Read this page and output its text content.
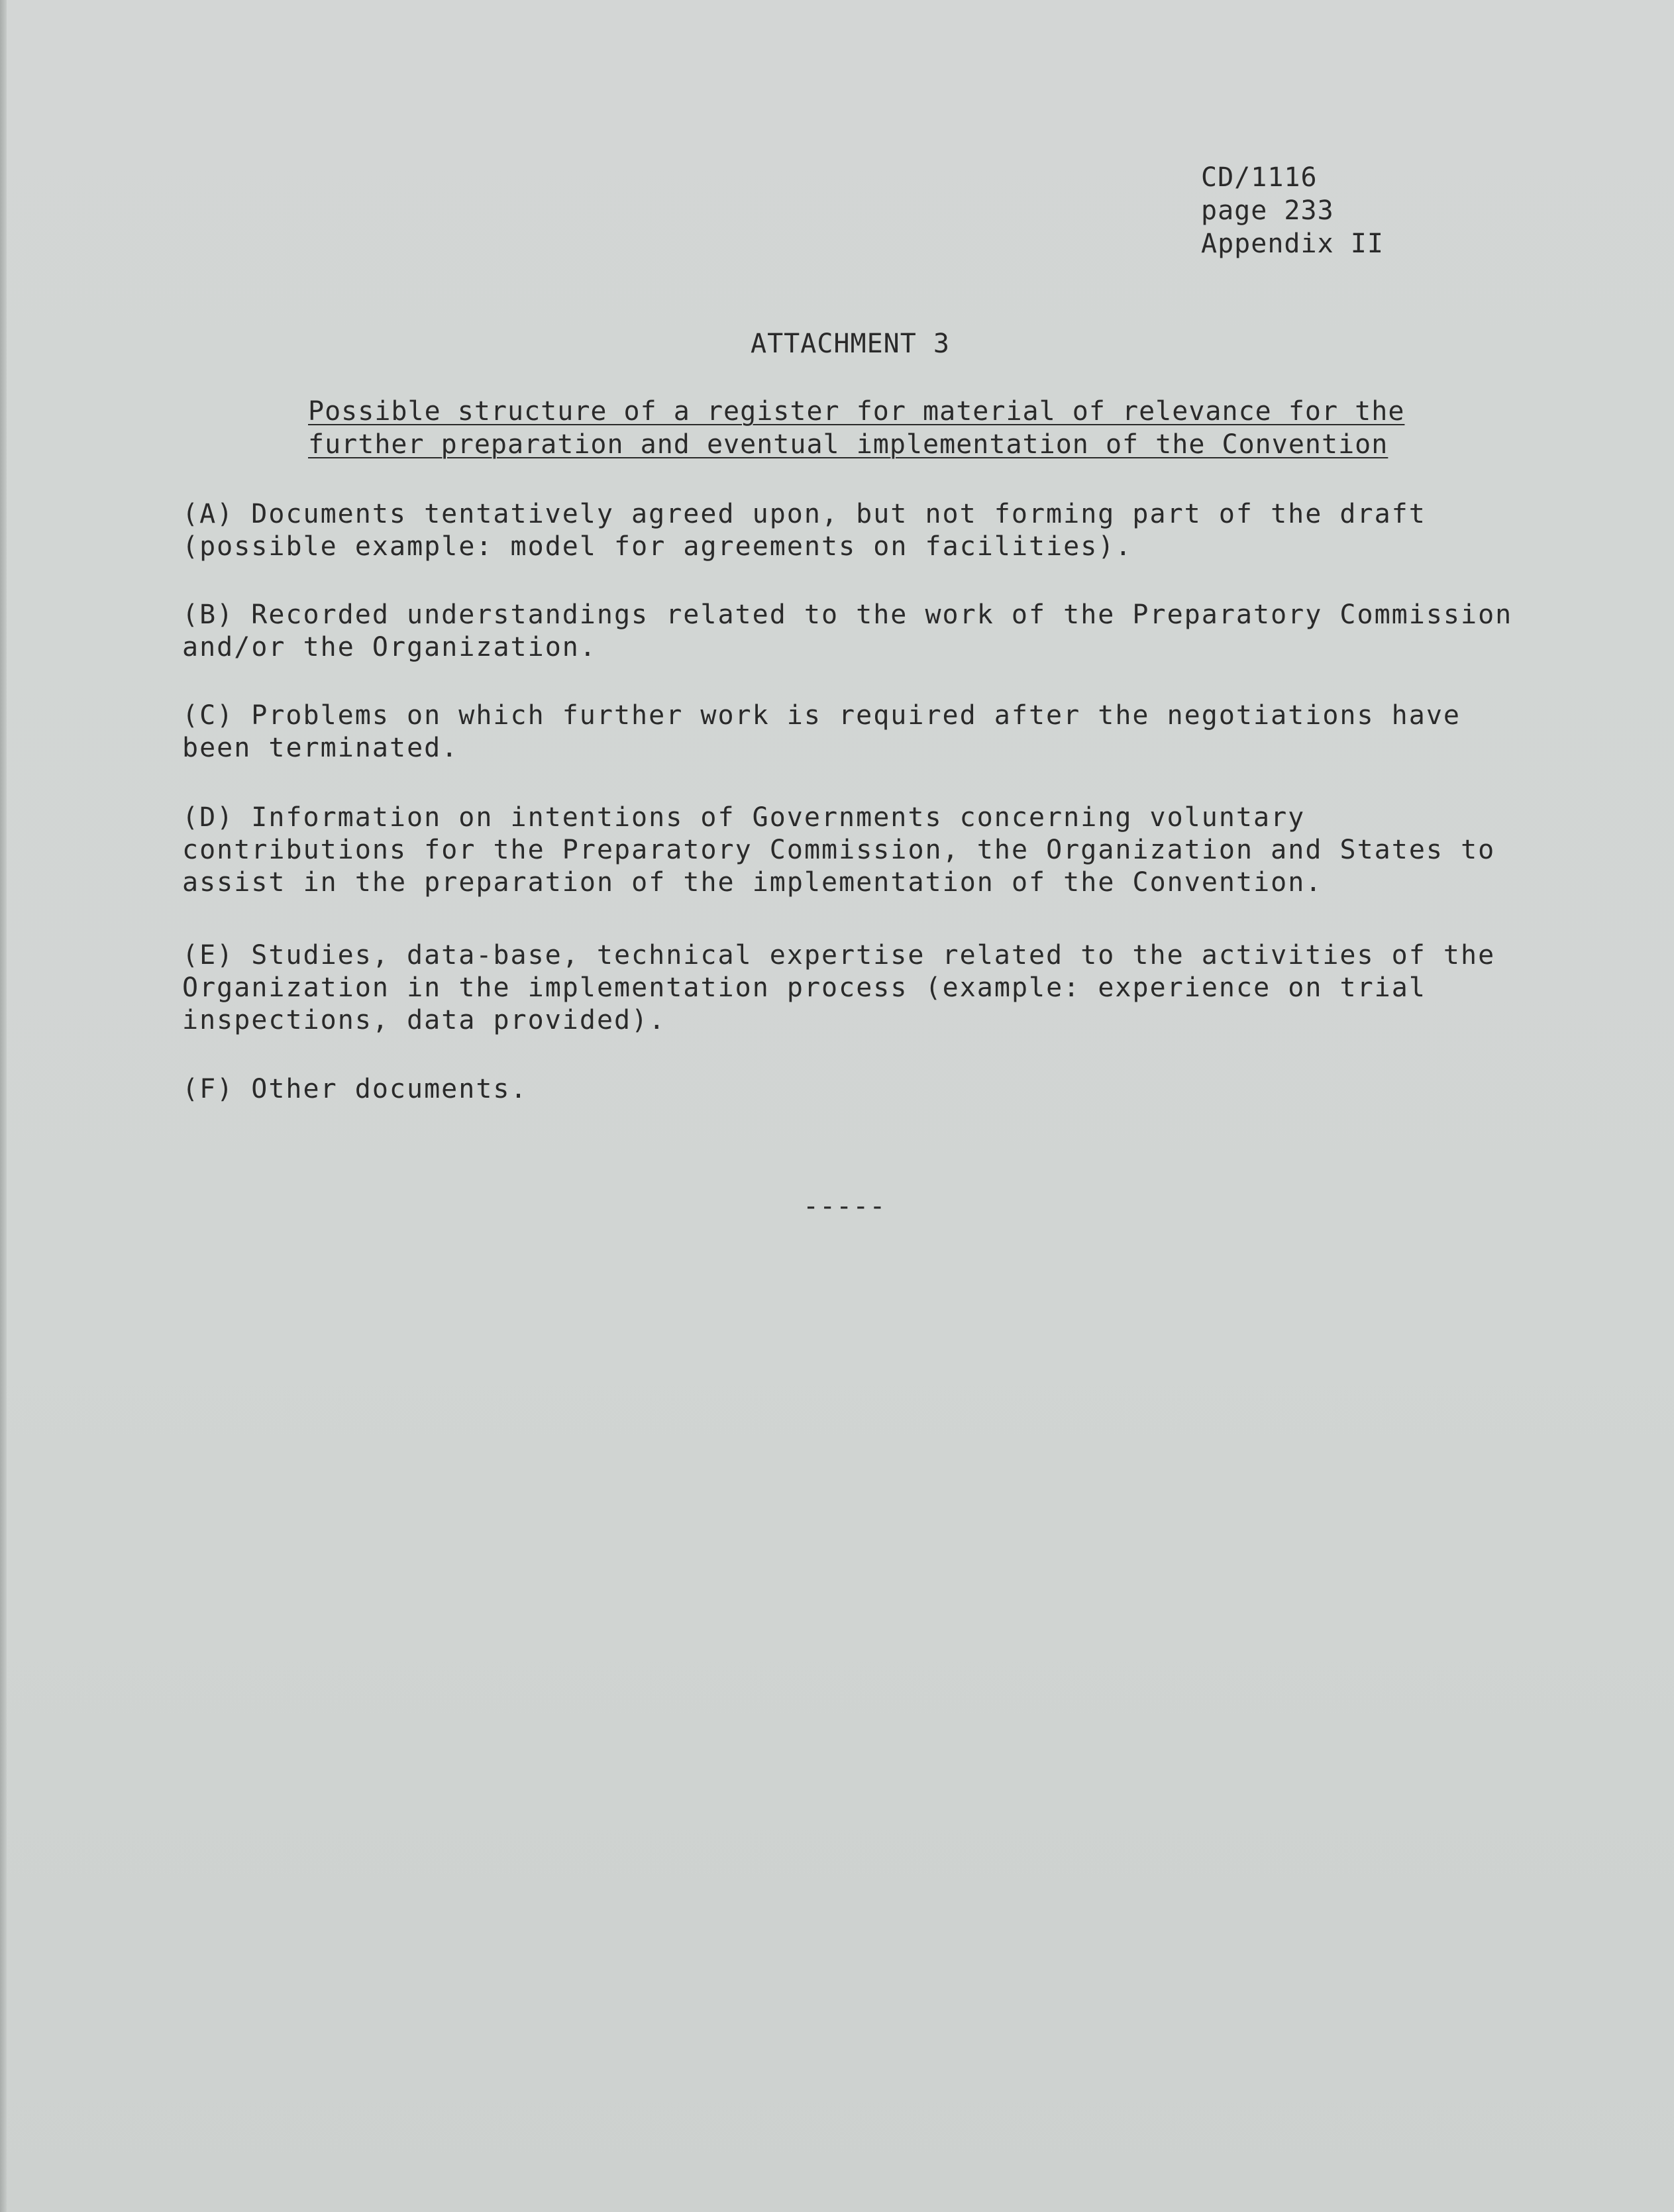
CD/1116
page 233
Appendix II
ATTACHMENT 3
Possible structure of a register for material of relevance for the
further preparation and eventual implementation of the Convention
(A) Documents tentatively agreed upon, but not forming part of the draft
(possible example: model for agreements on facilities).
(B) Recorded understandings related to the work of the Preparatory Commission
and/or the Organization.
(C) Problems on which further work is required after the negotiations have
been terminated.
(D) Information on intentions of Governments concerning voluntary
contributions for the Preparatory Commission, the Organization and States to
assist in the preparation of the implementation of the Convention.
(E) Studies, data-base, technical expertise related to the activities of the
Organization in the implementation process (example: experience on trial
inspections, data provided).
(F) Other documents.
-----
